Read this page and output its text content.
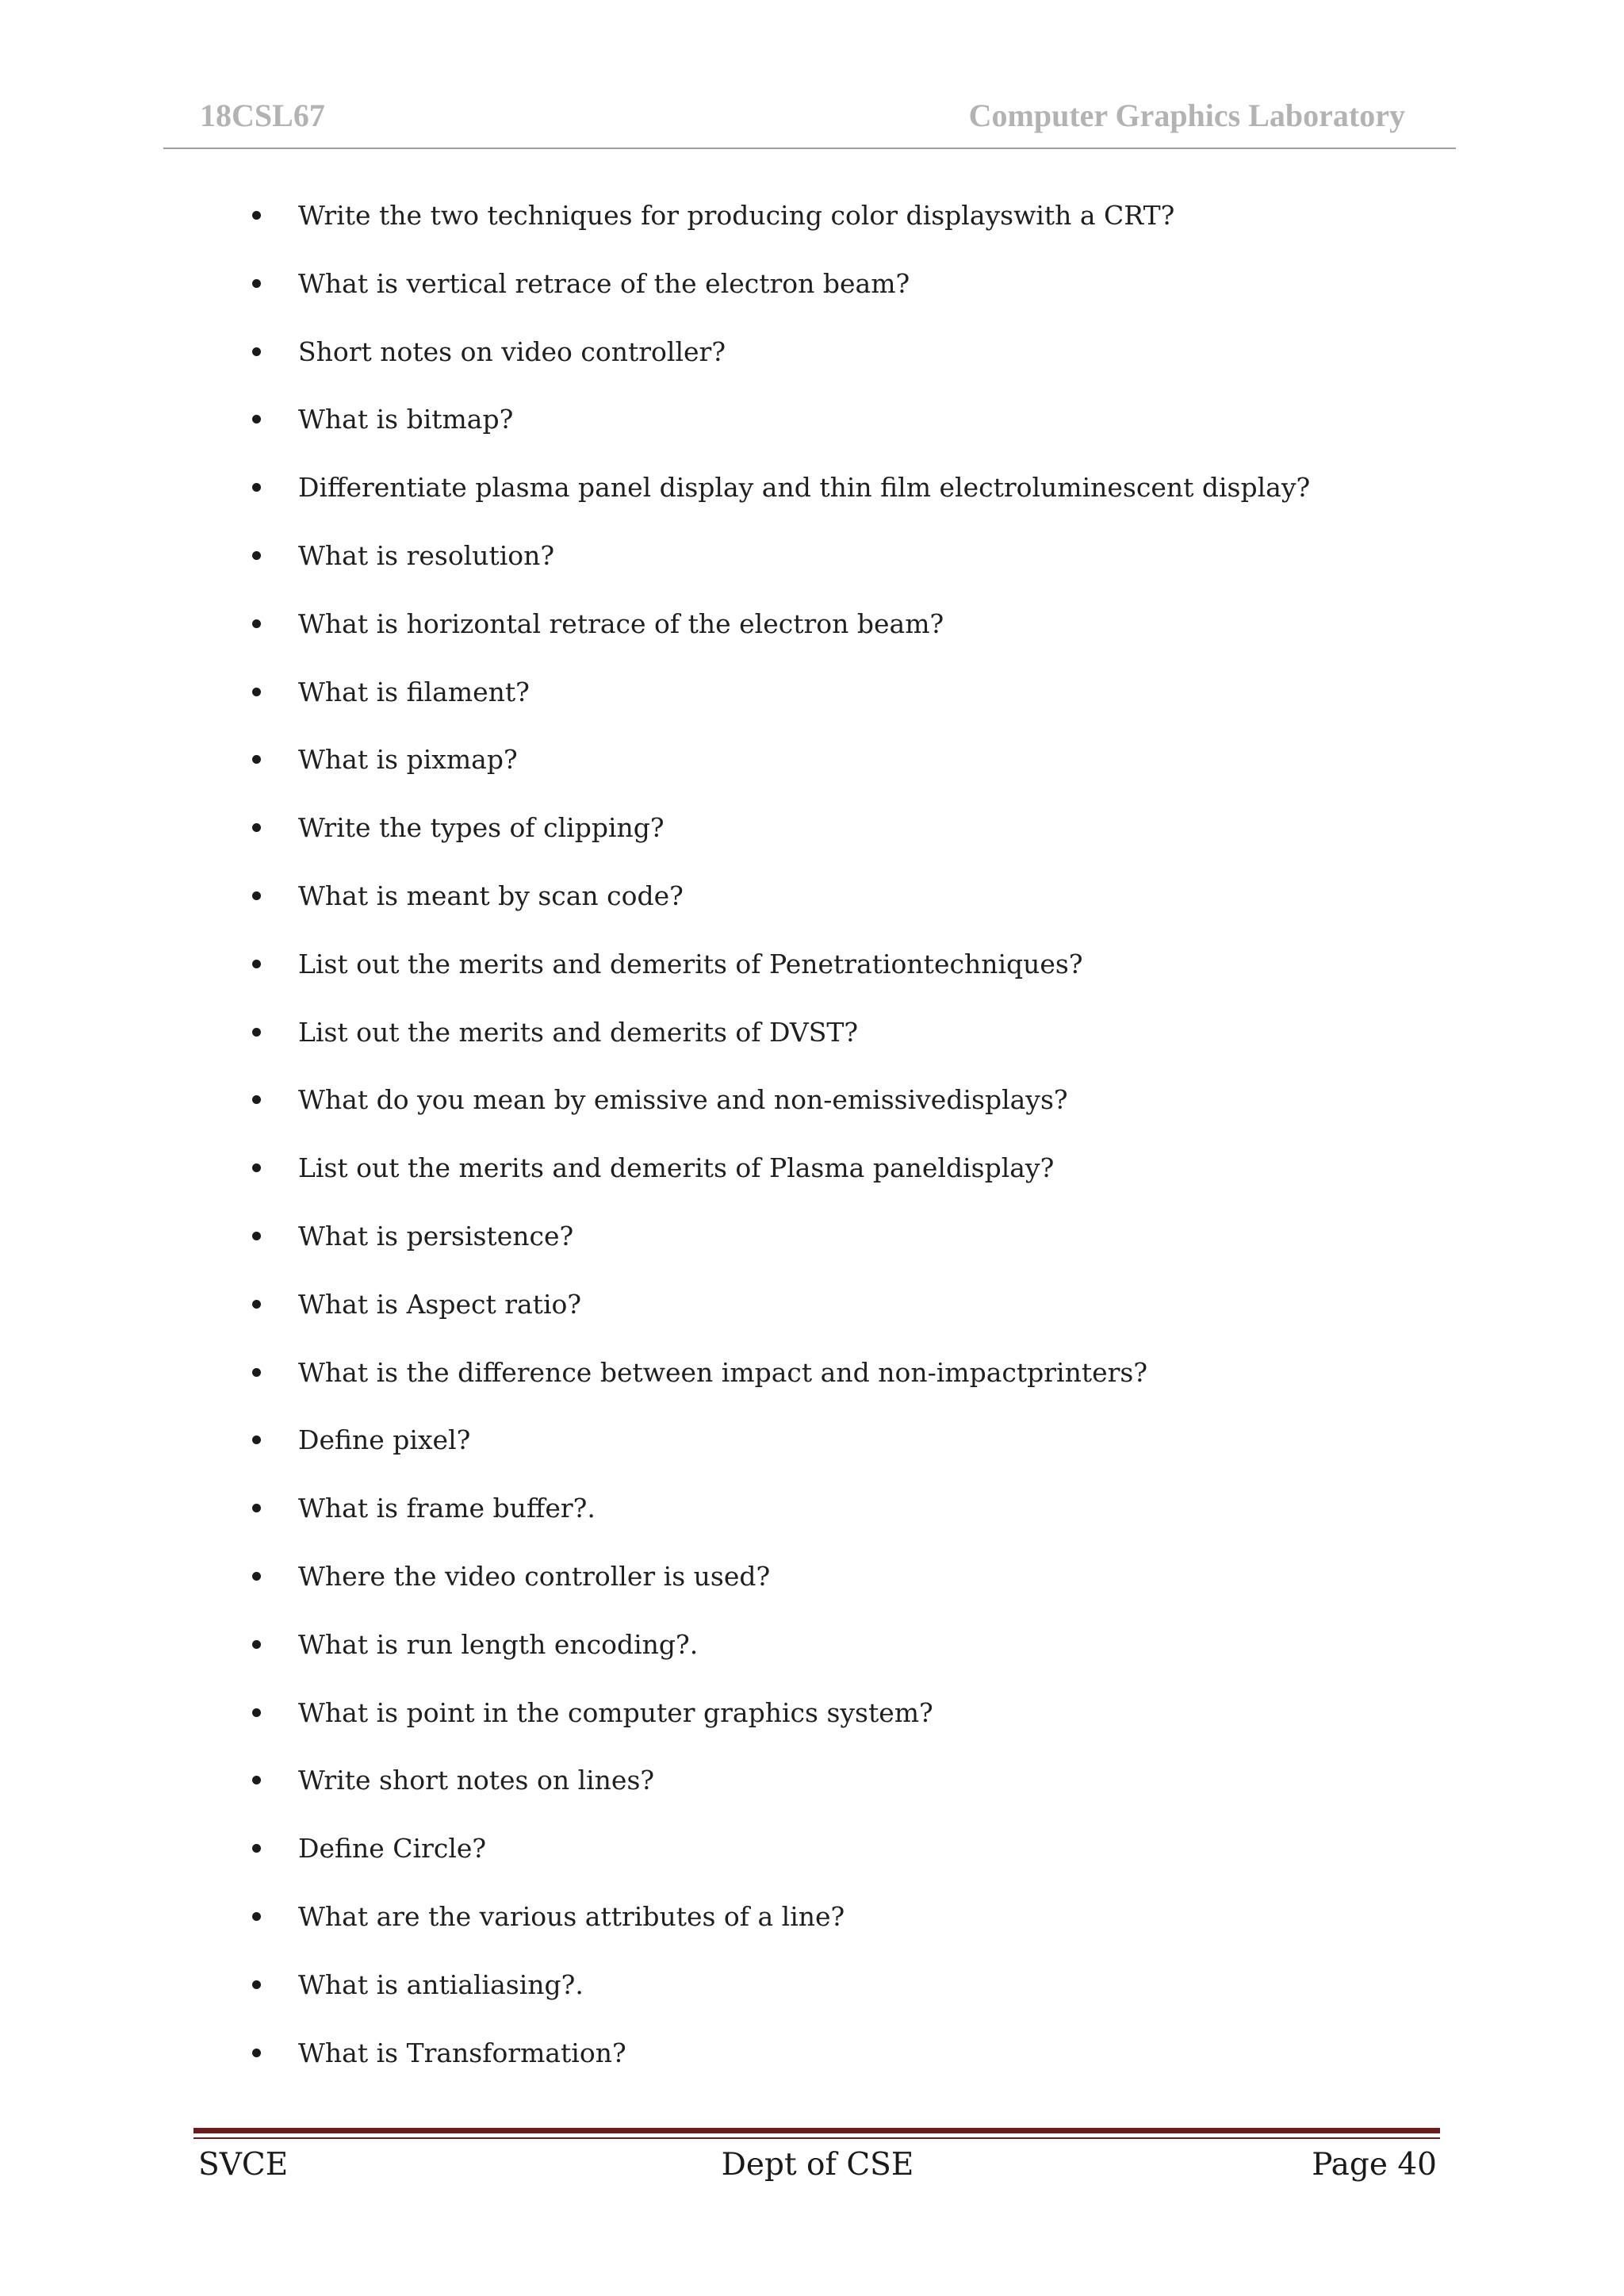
18CSL67	Computer Graphics Laboratory
Write the two techniques for producing color displayswith a CRT?
What is vertical retrace of the electron beam?
Short notes on video controller?
What is bitmap?
Differentiate plasma panel display and thin film electroluminescent display?
What is resolution?
What is horizontal retrace of the electron beam?
What is filament?
What is pixmap?
Write the types of clipping?
What is meant by scan code?
List out the merits and demerits of Penetrationtechniques?
List out the merits and demerits of DVST?
What do you mean by emissive and non-emissivedisplays?
List out the merits and demerits of Plasma paneldisplay?
What is persistence?
What is Aspect ratio?
What is the difference between impact and non-impactprinters?
Define pixel?
What is frame buffer?.
Where the video controller is used?
What is run length encoding?.
What is point in the computer graphics system?
Write short notes on lines?
Define Circle?
What are the various attributes of a line?
What is antialiasing?.
What is Transformation?
SVCE	Dept of CSE	Page 40
